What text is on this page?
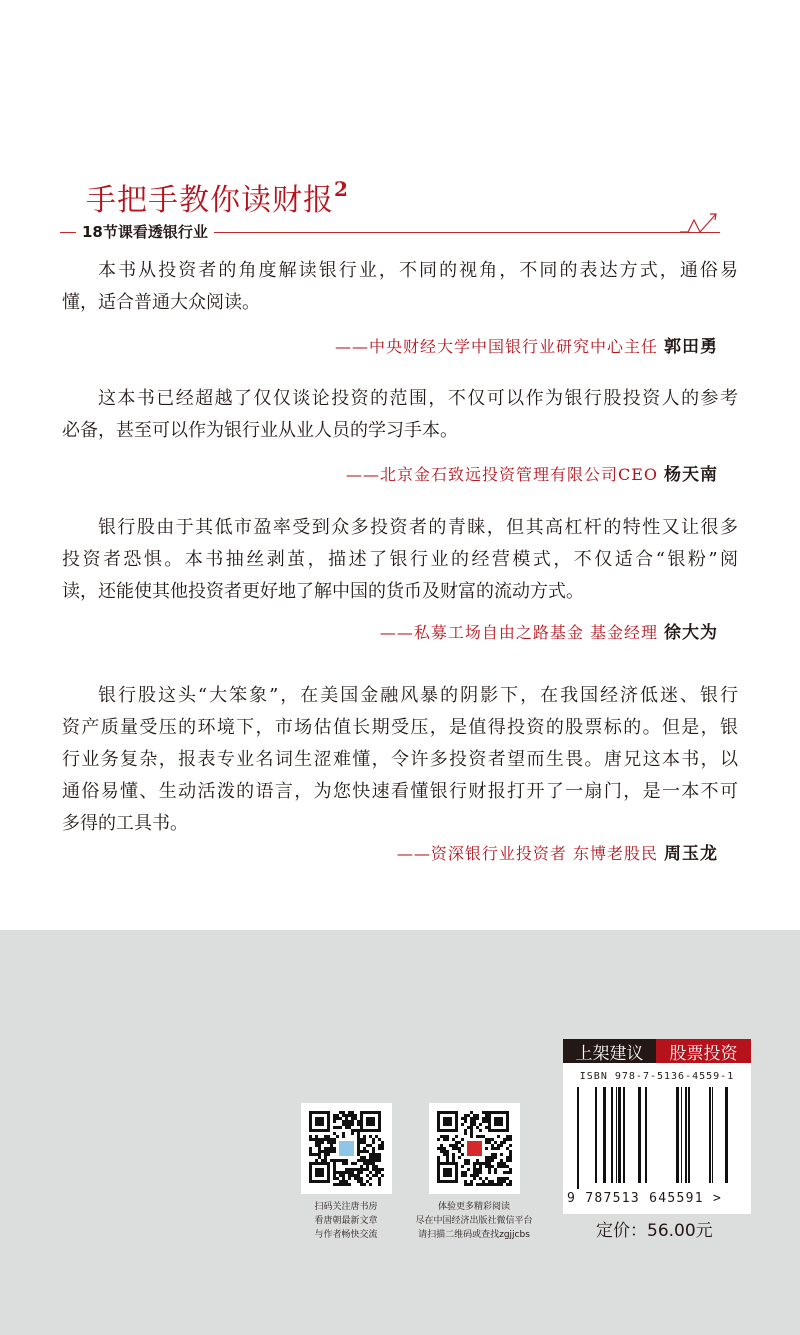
手把手教你读财报$^2$
18节课看透银行业
本书从投资者的角度解读银行业，不同的视角，不同的表达方式，通俗易
懂，适合普通大众阅读。
——中央财经大学中国银行业研究中心主任 郭田勇
这本书已经超越了仅仅谈论投资的范围，不仅可以作为银行股投资人的参考
必备，甚至可以作为银行业从业人员的学习手本。
——北京金石致远投资管理有限公司CEO 杨天南
银行股由于其低市盈率受到众多投资者的青睐，但其高杠杆的特性又让很多
投资者恐惧。本书抽丝剥茧，描述了银行业的经营模式，不仅适合“银粉”阅
读，还能使其他投资者更好地了解中国的货币及财富的流动方式。
——私募工场自由之路基金 基金经理 徐大为
银行股这头“大笨象”，在美国金融风暴的阴影下，在我国经济低迷、银行
资产质量受压的环境下，市场估值长期受压，是值得投资的股票标的。但是，银
行业务复杂，报表专业名词生涩难懂，令许多投资者望而生畏。唐兄这本书，以
通俗易懂、生动活泼的语言，为您快速看懂银行财报打开了一扇门，是一本不可
多得的工具书。
——资深银行业投资者 东博老股民 周玉龙
扫码关注唐书房
看唐朝最新文章
与作者畅快交流
体验更多精彩阅读
尽在中国经济出版社微信平台
请扫描二维码或查找zgjjcbs
上架建议	股票投资
ISBN 978-7-5136-4559-1
9 787513 645591 >
定价：56.00元
